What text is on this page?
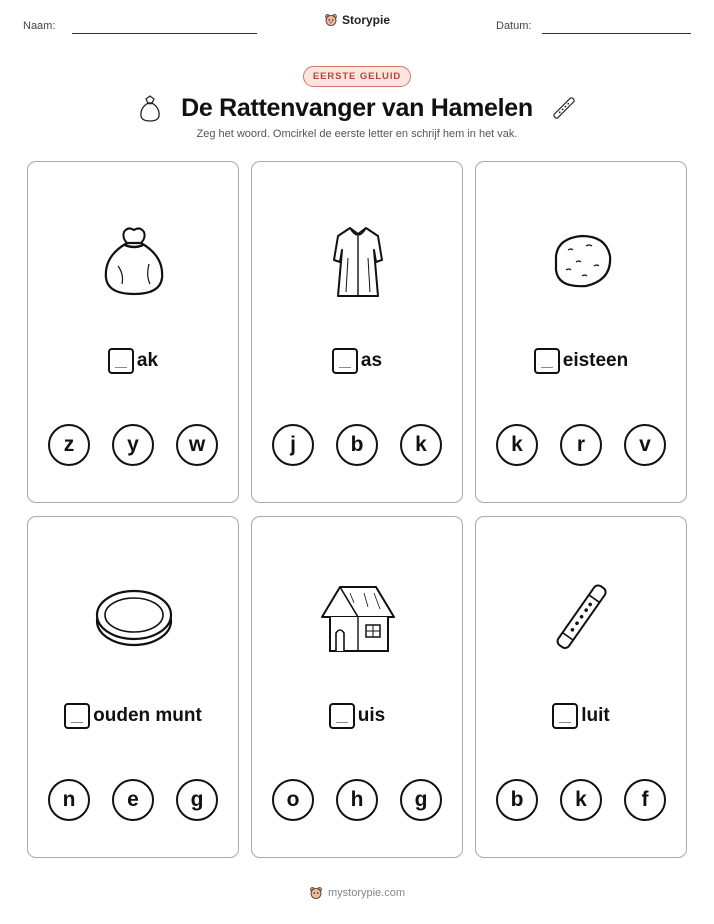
Naam:	Storypie	Datum:
EERSTE GELUID
De Rattenvanger van Hamelen
Zeg het woord. Omcirkel de eerste letter en schrijf hem in het vak.
ak
z	y	w
as
j	b	k
eisteen
k	r	v
ouden munt
n	e	g
uis
o	h	g
luit
b	k	f
mystorypie.com
